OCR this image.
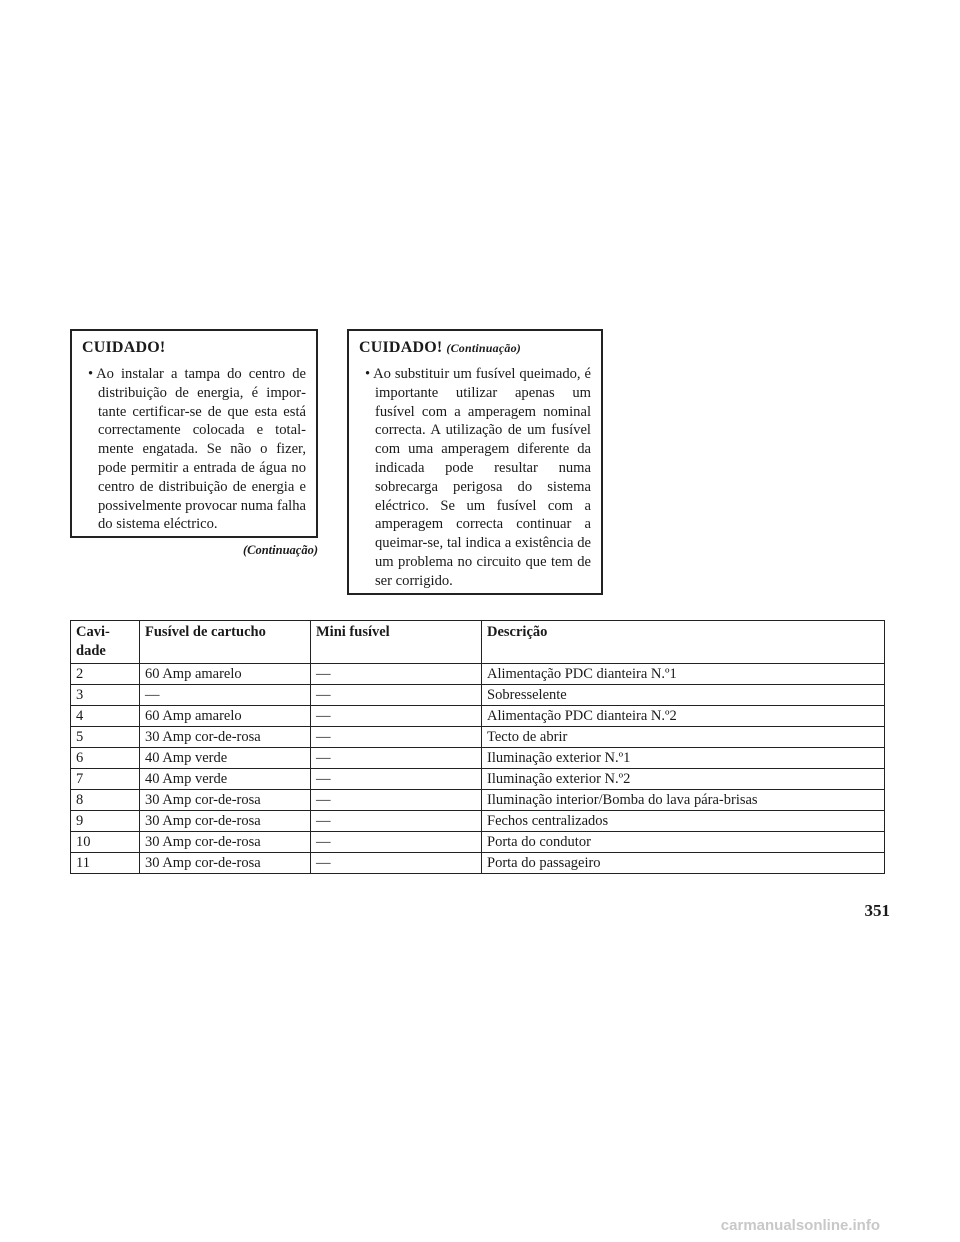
CUIDADO!

• Ao instalar a tampa do centro de distribuição de energia, é importante certificar-se de que esta está correctamente colocada e totalmente engatada. Se não o fizer, pode permitir a entrada de água no centro de distribuição de energia e possivelmente provocar numa falha do sistema eléctrico.

(Continuação)
CUIDADO! (Continuação)

• Ao substituir um fusível queimado, é importante utilizar apenas um fusível com a amperagem nominal correcta. A utilização de um fusível com uma amperagem diferente da indicada pode resultar numa sobrecarga perigosa do sistema eléctrico. Se um fusível com a amperagem correcta continuar a queimar-se, tal indica a existência de um problema no circuito que tem de ser corrigido.

Cavi-
dade	Fusível de cartucho	Mini fusível	Descrição
2	60 Amp amarelo	—	Alimentação PDC dianteira N.º1
3	—	—	Sobresselente
4	60 Amp amarelo	—	Alimentação PDC dianteira N.º2
5	30 Amp cor-de-rosa	—	Tecto de abrir
6	40 Amp verde	—	Iluminação exterior N.º1
7	40 Amp verde	—	Iluminação exterior N.º2
8	30 Amp cor-de-rosa	—	Iluminação interior/Bomba do lava pára-brisas
9	30 Amp cor-de-rosa	—	Fechos centralizados
10	30 Amp cor-de-rosa	—	Porta do condutor
11	30 Amp cor-de-rosa	—	Porta do passageiro
351
carmanualsonline.info
